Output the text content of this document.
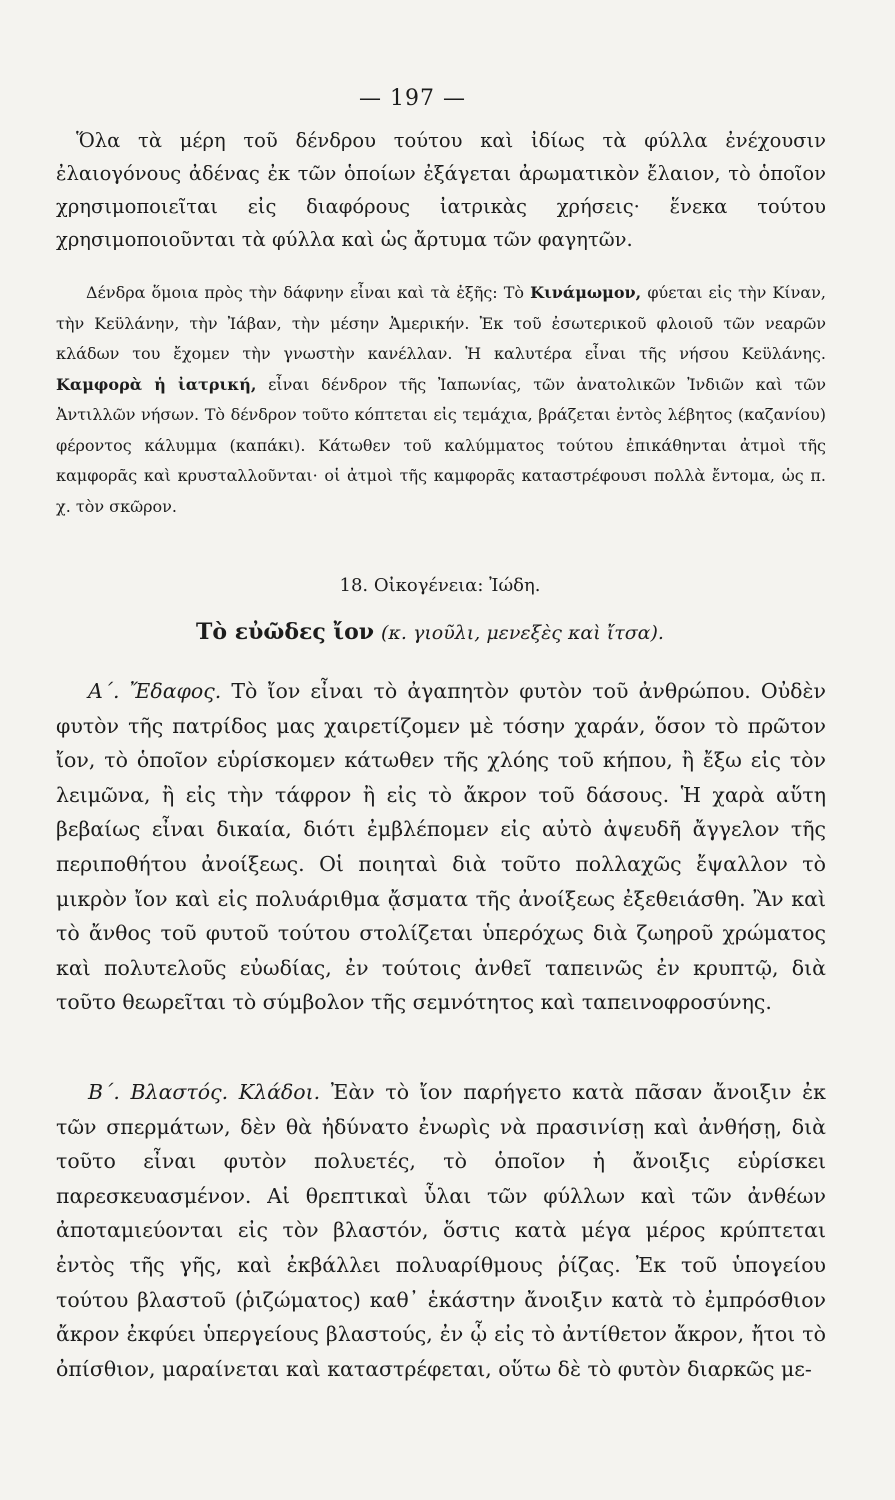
— 197 —
Ὅλα τὰ μέρη τοῦ δένδρου τούτου καὶ ἰδίως τὰ φύλλα ἐνέχουσιν ἐλαιογόνους ἀδένας ἐκ τῶν ὁποίων ἐξάγεται ἀρωματικὸν ἔλαιον, τὸ ὁποῖον χρησιμοποιεῖται εἰς διαφόρους ἰατρικὰς χρήσεις· ἕνεκα τούτου χρησιμοποιοῦνται τὰ φύλλα καὶ ὡς ἄρτυμα τῶν φαγητῶν.
Δένδρα ὅμοια πρὸς τὴν δάφνην εἶναι καὶ τὰ ἑξῆς: Τὸ Κινάμωμον, φύεται εἰς τὴν Κίναν, τὴν Κεϋλάνην, τὴν Ἰάβαν, τὴν μέσην Ἀμερικήν. Ἐκ τοῦ ἐσωτερικοῦ φλοιοῦ τῶν νεαρῶν κλάδων του ἔχομεν τὴν γνωστὴν κανέλλαν. Ἡ καλυτέρα εἶναι τῆς νήσου Κεϋλάνης. Καμφορὰ ἡ ἰατρική, εἶναι δένδρον τῆς Ἰαπωνίας, τῶν ἀνατολικῶν Ἰνδιῶν καὶ τῶν Ἀντιλλῶν νήσων. Τὸ δένδρον τοῦτο κόπτεται εἰς τεμάχια, βράζεται ἐντὸς λέβητος (καζανίου) φέροντος κάλυμμα (καπάκι). Κάτωθεν τοῦ καλύμματος τούτου ἐπικάθηνται ἀτμοὶ τῆς καμφορᾶς καὶ κρυσταλλοῦνται· οἱ ἀτμοὶ τῆς καμφορᾶς καταστρέφουσι πολλὰ ἔντομα, ὡς π. χ. τὸν σκῶρον.
18. Οἰκογένεια: Ἰώδη.
Τὸ εὐῶδες ἴον (κ. γιοῦλι, μενεξὲς καὶ ἴτσα).
Α΄. Ἔδαφος. Τὸ ἴον εἶναι τὸ ἀγαπητὸν φυτὸν τοῦ ἀνθρώπου. Οὐδὲν φυτὸν τῆς πατρίδος μας χαιρετίζομεν μὲ τόσην χαράν, ὅσον τὸ πρῶτον ἴον, τὸ ὁποῖον εὑρίσκομεν κάτωθεν τῆς χλόης τοῦ κήπου, ἢ ἔξω εἰς τὸν λειμῶνα, ἢ εἰς τὴν τάφρον ἢ εἰς τὸ ἄκρον τοῦ δάσους. Ἡ χαρὰ αὕτη βεβαίως εἶναι δικαία, διότι ἐμβλέπομεν εἰς αὐτὸ ἀψευδῆ ἄγγελον τῆς περιποθήτου ἀνοίξεως. Οἱ ποιηταὶ διὰ τοῦτο πολλαχῶς ἔψαλλον τὸ μικρὸν ἴον καὶ εἰς πολυάριθμα ᾄσματα τῆς ἀνοίξεως ἐξεθειάσθη. Ἂν καὶ τὸ ἄνθος τοῦ φυτοῦ τούτου στολίζεται ὑπερόχως διὰ ζωηροῦ χρώματος καὶ πολυτελοῦς εὐωδίας, ἐν τούτοις ἀνθεῖ ταπεινῶς ἐν κρυπτῷ, διὰ τοῦτο θεωρεῖται τὸ σύμβολον τῆς σεμνότητος καὶ ταπεινοφροσύνης.
Β΄. Βλαστός. Κλάδοι. Ἐὰν τὸ ἴον παρήγετο κατὰ πᾶσαν ἄνοιξιν ἐκ τῶν σπερμάτων, δὲν θὰ ἠδύνατο ἐνωρὶς νὰ πρασινίσῃ καὶ ἀνθήσῃ, διὰ τοῦτο εἶναι φυτὸν πολυετές, τὸ ὁποῖον ἡ ἄνοιξις εὑρίσκει παρεσκευασμένον. Αἱ θρεπτικαὶ ὗλαι τῶν φύλλων καὶ τῶν ἀνθέων ἀποταμιεύονται εἰς τὸν βλαστόν, ὅστις κατὰ μέγα μέρος κρύπτεται ἐντὸς τῆς γῆς, καὶ ἐκβάλλει πολυαρίθμους ῥίζας. Ἐκ τοῦ ὑπογείου τούτου βλαστοῦ (ῥιζώματος) καθ᾽ ἑκάστην ἄνοιξιν κατὰ τὸ ἐμπρόσθιον ἄκρον ἐκφύει ὑπεργείους βλαστούς, ἐν ᾧ εἰς τὸ ἀντίθετον ἄκρον, ἤτοι τὸ ὀπίσθιον, μαραίνεται καὶ καταστρέφεται, οὕτω δὲ τὸ φυτὸν διαρκῶς με-
